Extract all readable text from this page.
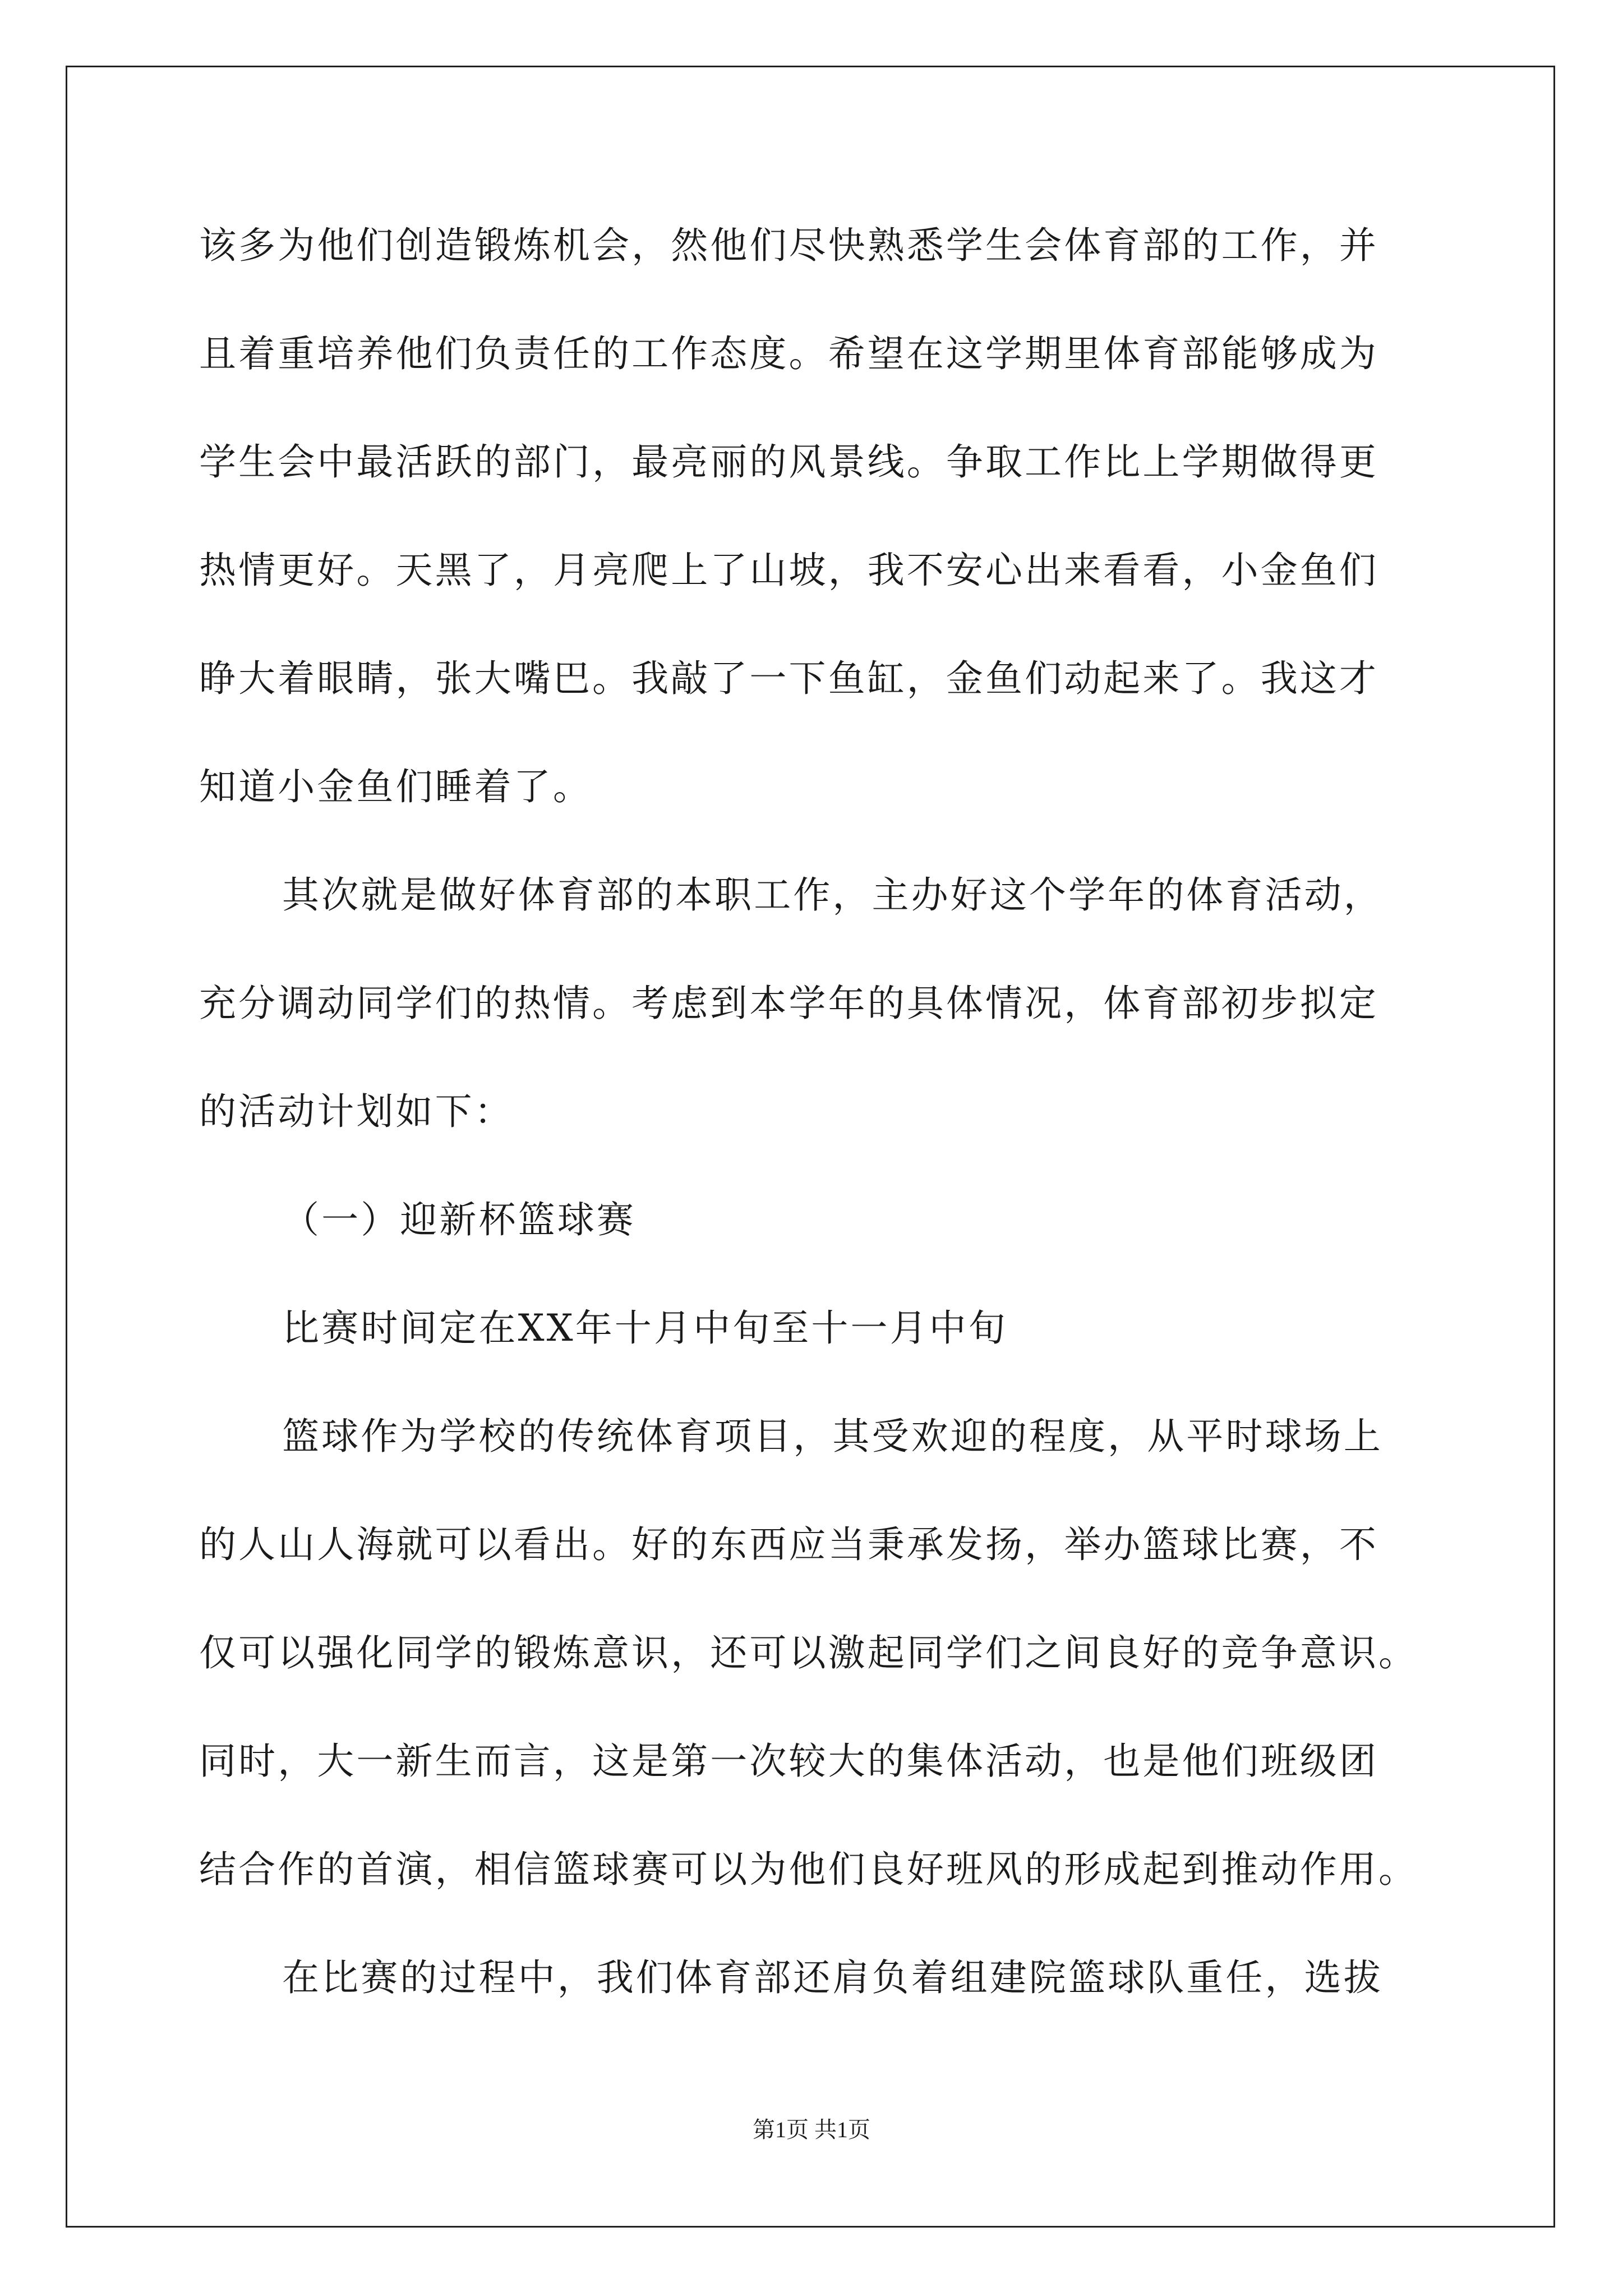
该多为他们创造锻炼机会，然他们尽快熟悉学生会体育部的工作，并
且着重培养他们负责任的工作态度。希望在这学期里体育部能够成为
学生会中最活跃的部门，最亮丽的风景线。争取工作比上学期做得更
热情更好。天黑了，月亮爬上了山坡，我不安心出来看看，小金鱼们
睁大着眼睛，张大嘴巴。我敲了一下鱼缸，金鱼们动起来了。我这才
知道小金鱼们睡着了。
其次就是做好体育部的本职工作，主办好这个学年的体育活动，
充分调动同学们的热情。考虑到本学年的具体情况，体育部初步拟定
的活动计划如下：
（一）迎新杯篮球赛
比赛时间定在XX年十月中旬至十一月中旬
篮球作为学校的传统体育项目，其受欢迎的程度，从平时球场上
的人山人海就可以看出。好的东西应当秉承发扬，举办篮球比赛，不
仅可以强化同学的锻炼意识，还可以激起同学们之间良好的竞争意识。
同时，大一新生而言，这是第一次较大的集体活动，也是他们班级团
结合作的首演，相信篮球赛可以为他们良好班风的形成起到推动作用。
在比赛的过程中，我们体育部还肩负着组建院篮球队重任，选拔
第1页 共1页
